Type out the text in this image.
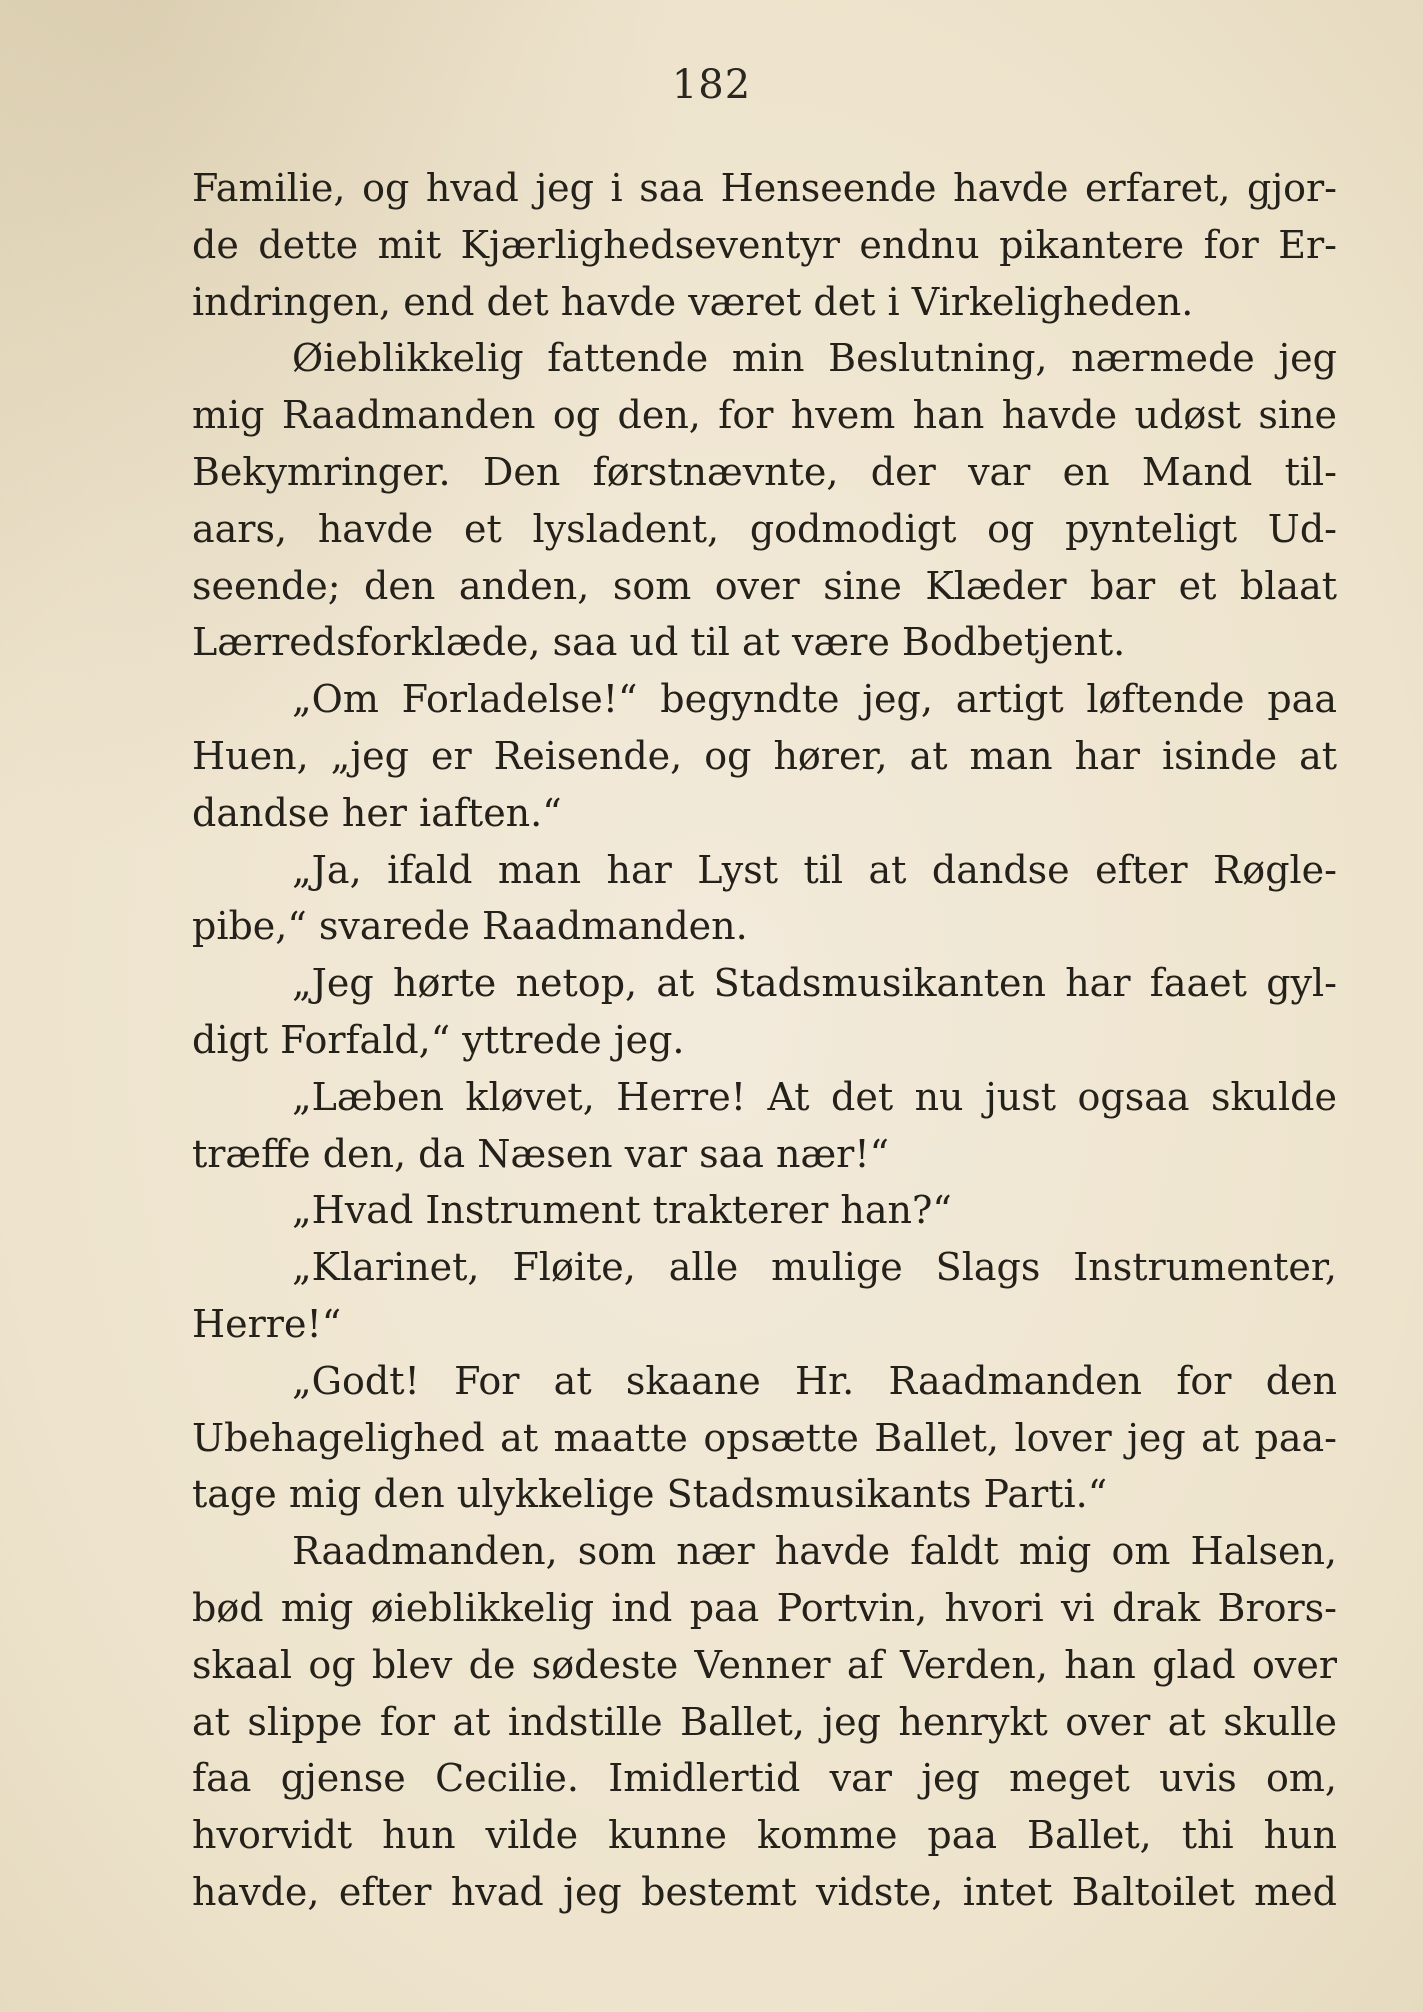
182
Familie, og hvad jeg i saa Henseende havde erfaret, gjor-
de dette mit Kjærlighedseventyr endnu pikantere for Er-
indringen, end det havde været det i Virkeligheden.
Øieblikkelig fattende min Beslutning, nærmede jeg
mig Raadmanden og den, for hvem han havde udøst sine
Bekymringer. Den førstnævnte, der var en Mand til-
aars, havde et lysladent, godmodigt og pynteligt Ud-
seende; den anden, som over sine Klæder bar et blaat
Lærredsforklæde, saa ud til at være Bodbetjent.
„Om Forladelse!“ begyndte jeg, artigt løftende paa
Huen, „jeg er Reisende, og hører, at man har isinde at
dandse her iaften.“
„Ja, ifald man har Lyst til at dandse efter Røgle-
pibe,“ svarede Raadmanden.
„Jeg hørte netop, at Stadsmusikanten har faaet gyl-
digt Forfald,“ yttrede jeg.
„Læben kløvet, Herre! At det nu just ogsaa skulde
træffe den, da Næsen var saa nær!“
„Hvad Instrument trakterer han?“
„Klarinet, Fløite, alle mulige Slags Instrumenter,
Herre!“
„Godt! For at skaane Hr. Raadmanden for den
Ubehagelighed at maatte opsætte Ballet, lover jeg at paa-
tage mig den ulykkelige Stadsmusikants Parti.“
Raadmanden, som nær havde faldt mig om Halsen,
bød mig øieblikkelig ind paa Portvin, hvori vi drak Brors-
skaal og blev de sødeste Venner af Verden, han glad over
at slippe for at indstille Ballet, jeg henrykt over at skulle
faa gjense Cecilie. Imidlertid var jeg meget uvis om,
hvorvidt hun vilde kunne komme paa Ballet, thi hun
havde, efter hvad jeg bestemt vidste, intet Baltoilet med
